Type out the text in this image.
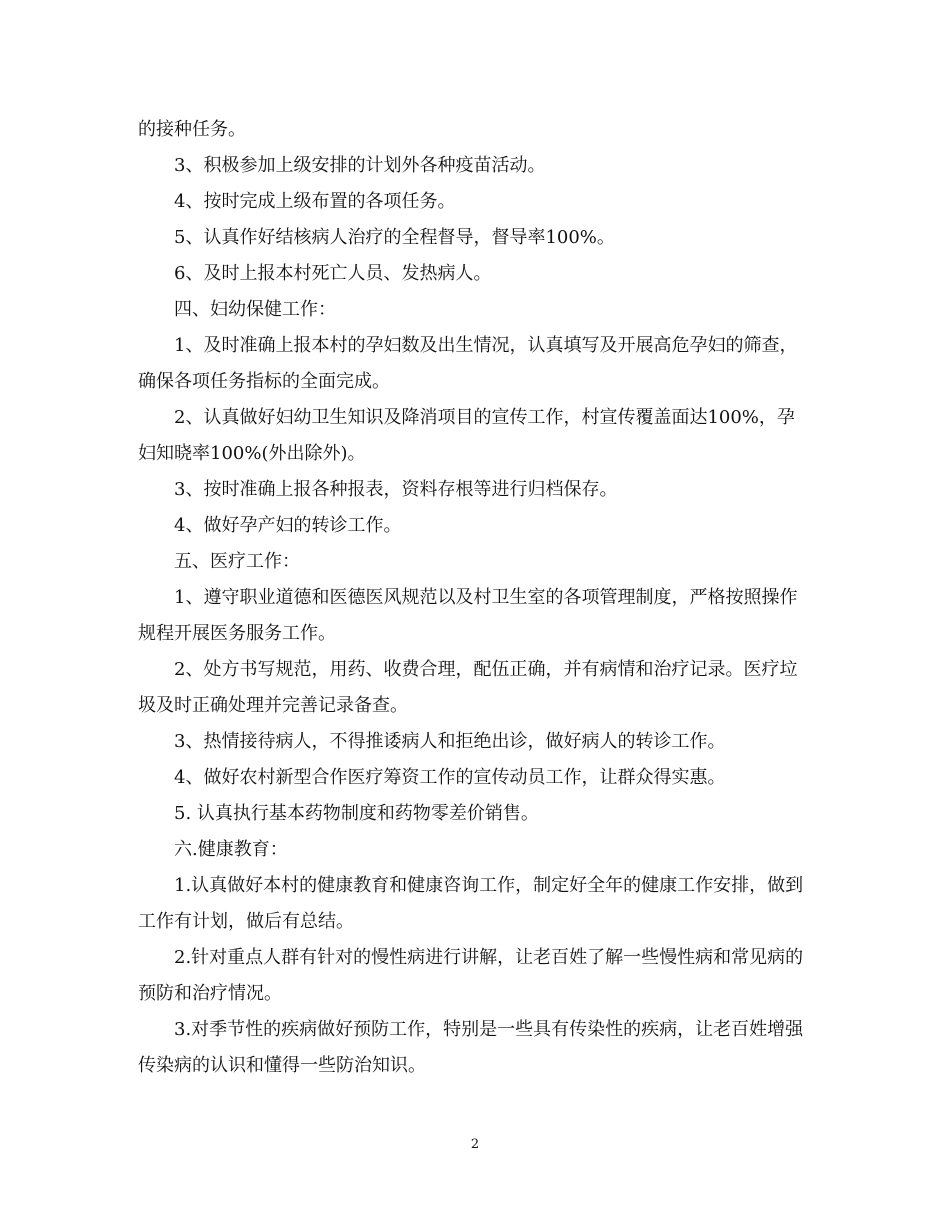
的接种任务。

3、积极参加上级安排的计划外各种疫苗活动。

4、按时完成上级布置的各项任务。

5、认真作好结核病人治疗的全程督导，督导率100%。

6、及时上报本村死亡人员、发热病人。

四、妇幼保健工作：

1、及时准确上报本村的孕妇数及出生情况，认真填写及开展高危孕妇的筛查，确保各项任务指标的全面完成。

2、认真做好妇幼卫生知识及降消项目的宣传工作，村宣传覆盖面达100%，孕妇知晓率100%(外出除外)。

3、按时准确上报各种报表，资料存根等进行归档保存。

4、做好孕产妇的转诊工作。

五、医疗工作：

1、遵守职业道德和医德医风规范以及村卫生室的各项管理制度，严格按照操作规程开展医务服务工作。

2、处方书写规范，用药、收费合理，配伍正确，并有病情和治疗记录。医疗垃圾及时正确处理并完善记录备查。

3、热情接待病人，不得推诿病人和拒绝出诊，做好病人的转诊工作。

4、做好农村新型合作医疗筹资工作的宣传动员工作，让群众得实惠。

5. 认真执行基本药物制度和药物零差价销售。

六.健康教育：

1.认真做好本村的健康教育和健康咨询工作，制定好全年的健康工作安排，做到工作有计划，做后有总结。

2.针对重点人群有针对的慢性病进行讲解，让老百姓了解一些慢性病和常见病的预防和治疗情况。

3.对季节性的疾病做好预防工作，特别是一些具有传染性的疾病，让老百姓增强传染病的认识和懂得一些防治知识。

2
